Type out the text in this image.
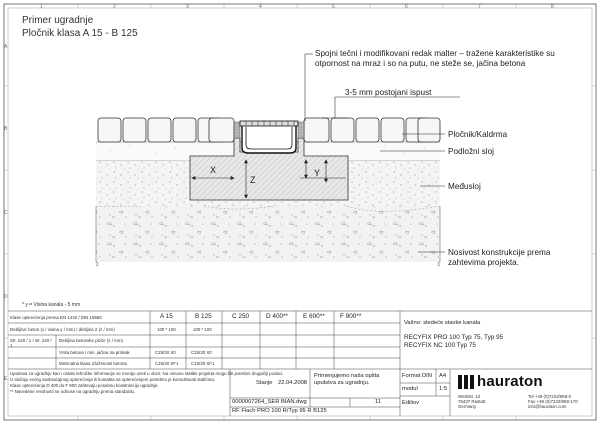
Primer ugradnje
Pločnik klasa A 15 - B 125
Spojni tečni i modifikovani redak malter – tražene karakteristike su
otpornost na mraz i so na putu, ne steže se, jačina betona
3-5 mm postojani ispust
Pločnik/Kaldrma
Podložni sloj
Međusloj
Nosivost konstrukcije prema
zahtevima projekta.
X
Z
Y
* y = Visina kanala - 5 mm
Klase opterećenja prema EN 1433 / DIN 19580	A 15	B 125	C 250	D 400** E 600** F 900**
Debljina: beton (x / visina y / mm) / debljina 2 (z / mm)	100 * 100	100 * 100
Str. 220 / 1 / str. 220 / 1
Debljina betonske ploče (z / mm)
Vrsta betona / min. jačina na pritisak	C25/30 X0	C25/30 X0
Minimalna klasa izloženosti betona	C25/30 XF1	C25/30 XF1
Važno: sledeće stavke kanala
RECYFIX PRO 100 Typ 75, Typ 95
RECYFIX NC 100 Typ 75
Uputstva za ugradnju kao i ostale tehničke informacije se moraju uzeti u obzir. Na osnovu statike projekta mogu biti potrebni drugačiji podaci.
U slučaju većeg saobraćajnog opterećenja ili kontakta sa opterećenjem potrebno je konsultovati statičara.
Klase opterećenja D 400 do F 900 zahtevaju posebnu konstrukciju ugradnje.
** Navedene vrednosti se odnose na ugradnju prema standardu.
Stanje 22.04.2008
Primenjujemo naša opšta
uputstva za ugradnju.
0000007264_SER BIAN.dwg	11
RF Flach PRO 100 R/Typ 95 R B125
Format DIN A4
modul	1:5
Ediliov
hauraton
Werkstr. 13
76437 Rastatt
Germany
Tel +49 (0)7222/958-0
Fax +49 (0)7222/958-170
info@hauraton.com
1	2	3	4	5	6	7	8
A
B
C
D
E
